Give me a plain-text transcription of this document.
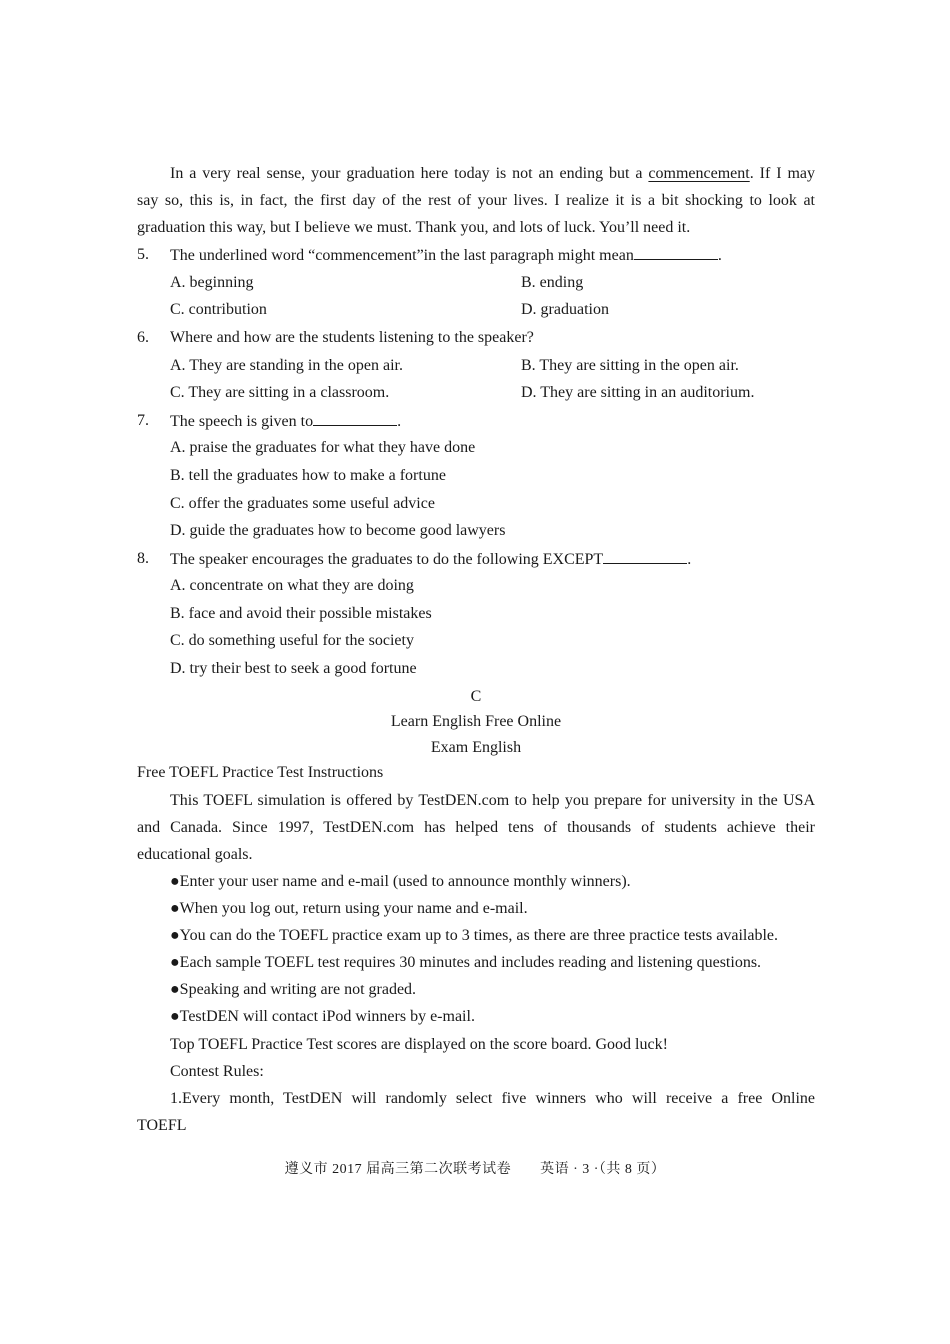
In a very real sense, your graduation here today is not an ending but a commencement. If I may
say so, this is, in fact, the first day of the rest of your lives. I realize it is a bit shocking to look at
graduation this way, but I believe we must. Thank you, and lots of luck. You’ll need it.
5. The underlined word “commencement”in the last paragraph might mean	.
A. beginning	B. ending
C. contribution	D. graduation
6. Where and how are the students listening to the speaker?
A. They are standing in the open air.	B. They are sitting in the open air.
C. They are sitting in a classroom.	D. They are sitting in an auditorium.
7. The speech is given to	.
A. praise the graduates for what they have done
B. tell the graduates how to make a fortune
C. offer the graduates some useful advice
D. guide the graduates how to become good lawyers
8. The speaker encourages the graduates to do the following EXCEPT	.
A. concentrate on what they are doing
B. face and avoid their possible mistakes
C. do something useful for the society
D. try their best to seek a good fortune
C
Learn English Free Online
Exam English
Free TOEFL Practice Test Instructions
This TOEFL simulation is offered by TestDEN.com to help you prepare for university in the USA
and Canada. Since 1997, TestDEN.com has helped tens of thousands of students achieve their
educational goals.
●Enter your user name and e-mail (used to announce monthly winners).
●When you log out, return using your name and e-mail.
●You can do the TOEFL practice exam up to 3 times, as there are three practice tests available.
●Each sample TOEFL test requires 30 minutes and includes reading and listening questions.
●Speaking and writing are not graded.
●TestDEN will contact iPod winners by e-mail.
Top TOEFL Practice Test scores are displayed on the score board. Good luck!
Contest Rules:
1.Every month, TestDEN will randomly select five winners who will receive a free Online
TOEFL
遵义市 2017 届高三第二次联考试卷　　英语 · 3 ·（共 8 页）
